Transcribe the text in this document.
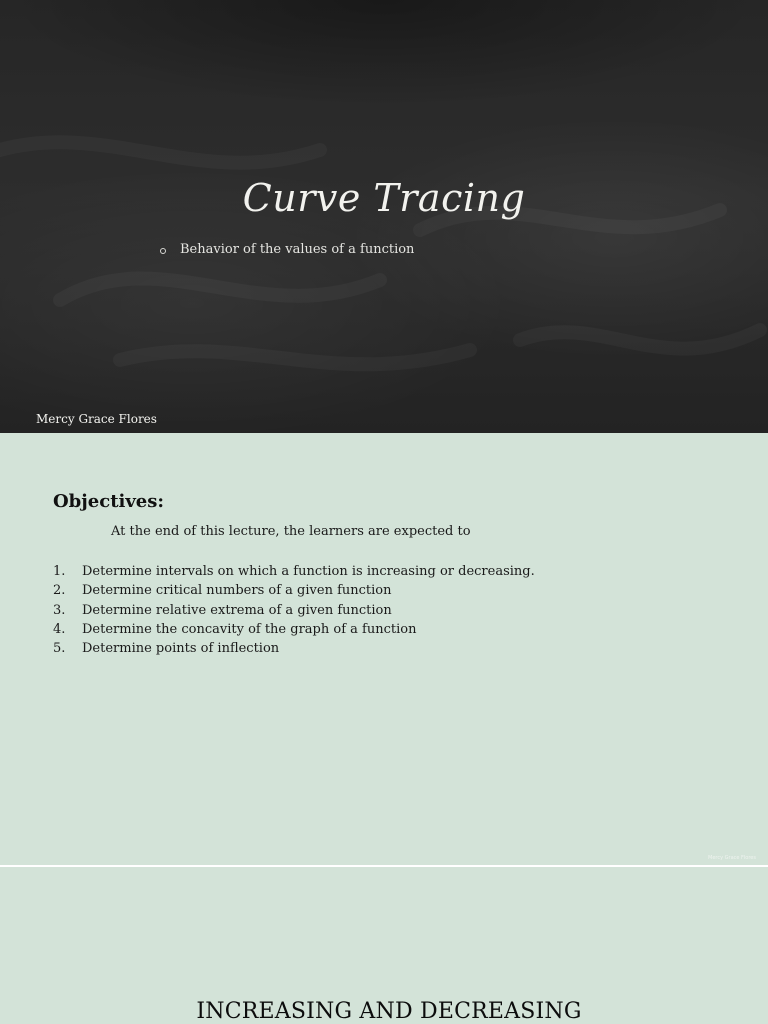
Curve Tracing
Behavior of the values of a function
Mercy Grace Flores
Objectives:
At the end of this lecture, the learners are expected to
1.	Determine intervals on which a function is increasing or decreasing.
2.	Determine critical numbers of a given function
3.	Determine relative extrema of a given function
4.	Determine the concavity of the graph of a function
5.	Determine points of inflection
Mercy Grace Flores
INCREASING AND DECREASING
